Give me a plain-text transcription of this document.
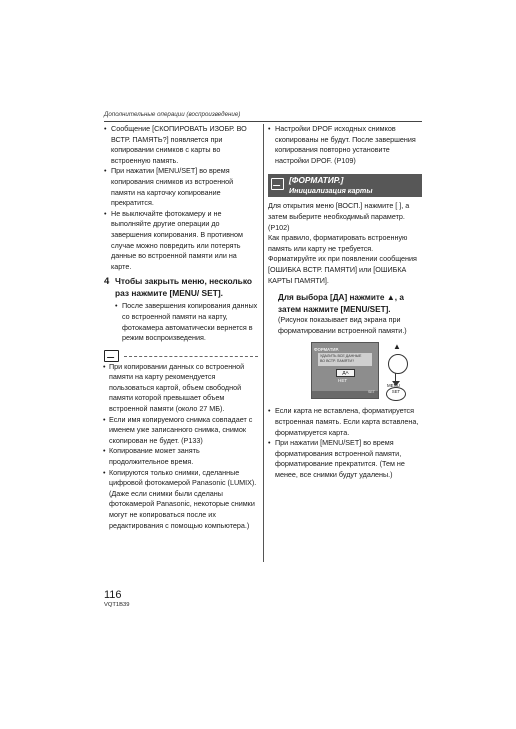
Дополнительные операции (воспроизведение)

• Сообщение [СКОПИРОВАТЬ ИЗОБР. ВО ВСТР. ПАМЯТЬ?] появляется при копировании снимков с карты во встроенную память.

• При нажатии [MENU/SET] во время копирования снимков из встроенной памяти на карточку копирование прекратится.

• Не выключайте фотокамеру и не выполняйте другие операции до завершения копирования. В противном случае можно повредить или потерять данные во встроенной памяти или на карте.

4 Чтобы закрыть меню, несколько раз нажмите [MENU/ SET].

• После завершения копирования данных со встроенной памяти на карту, фотокамера автоматически вернется в режим воспроизведения.

• При копировании данных со встроенной памяти на карту рекомендуется пользоваться картой, объем свободной памяти которой превышает объем встроенной памяти (около 27 МБ).

• Если имя копируемого снимка совпадает с именем уже записанного снимка, снимок скопирован не будет. (P133)

• Копирование может занять продолжительное время.

• Копируются только снимки, сделанные цифровой фотокамерой Panasonic (LUMIX).

(Даже если снимки были сделаны фотокамерой Panasonic, некоторые снимки могут не копироваться после их редактирования с помощью компьютера.)

• Настройки DPOF исходных снимков скопированы не будут. После завершения копирования повторно установите настройки DPOF. (P109)

[ФОРМАТИР.]
Инициализация карты

Для открытия меню [ВОСП.] нажмите [ ], а затем выберите необходимый параметр. (P102)

Как правило, форматировать встроенную память или карту не требуется. Форматируйте их при появлении сообщения [ОШИБКА ВСТР. ПАМЯТИ] или [ОШИБКА КАРТЫ ПАМЯТИ].

Для выбора [ДА] нажмите ▲, а затем нажмите [MENU/SET].
(Рисунок показывает вид экрана при форматировании встроенной памяти.)
ФОРМАТИР.
УДАЛИТЬ ВСЕ ДАННЫЕ
ВО ВСТР. ПАМЯТИ?
ДА
НЕТ
SET
▲
MENU
SET

• Если карта не вставлена, форматируется встроенная память. Если карта вставлена, форматируется карта.

• При нажатии [MENU/SET] во время форматирования встроенной памяти, форматирование прекратится. (Тем не менее, все снимки будут удалены.)

116
VQT1B39
